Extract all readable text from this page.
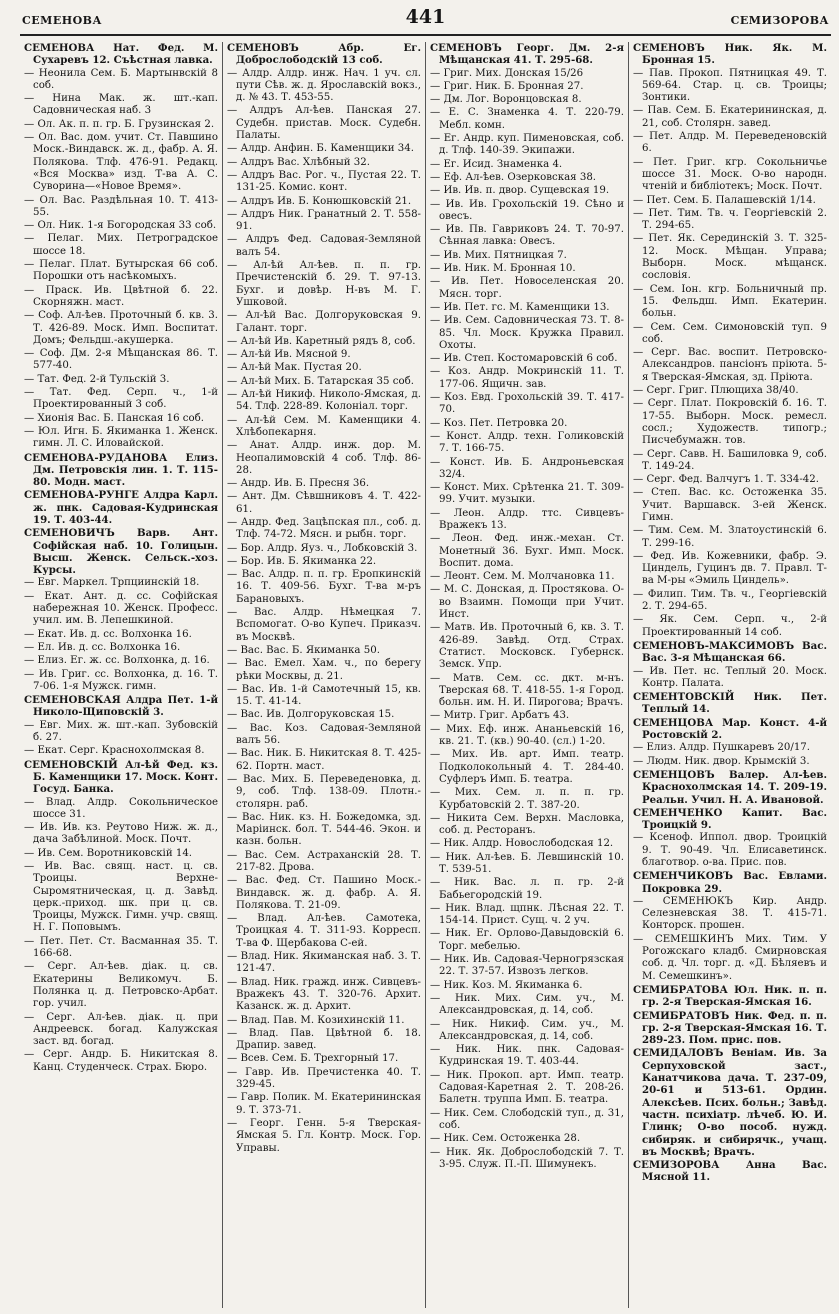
СЕМЕНОВА	441	СЕМИЗОРОВА
СЕМЕНОВА Нат. Фед. М. Сухаревъ 12. Съѣстная лавка.
— Неонила Сем. Б. Мартынвскій 8 соб.
— Нина Мак. ж. шт.-кап. Садовническая наб. 3
— Ол. Ак. п. п. гр. Б. Грузинская 2.
— Ол. Вас. дом. учит. Ст. Павшино Моск.-Виндавск. ж. д., фабр. А. Я. Полякова. Тлф. 476-91. Редакц. «Вся Москва» изд. Т-ва А. С. Суворина—«Новое Время».
— Ол. Вас. Раздѣльная 10. Т. 413-55.
— Ол. Ник. 1-я Богородская 33 соб.
— Пелаг. Мих. Петроградское шоссе 18.
— Пелаг. Плат. Бутырская 66 соб. Порошки отъ насѣкомыхъ.
— Праск. Ив. Цвѣтной б. 22. Скорняжн. маст.
— Соф. Ал-ѣев. Проточный б. кв. 3. Т. 426-89. Моск. Имп. Воспитат. Домъ; Фельдш.-акушерка.
— Соф. Дм. 2-я Мѣщанская 86. Т. 577-40.
— Тат. Фед. 2-й Тульскій 3.
— Тат. Фед. Серп. ч., 1-й Проектированный 3 соб.
— Хионія Вас. Б. Панская 16 соб.
— Юл. Игн. Б. Якиманка 1. Женск. гимн. Л. С. Иловайской.
СЕМЕНОВА-РУДАНОВА Елиз. Дм. Петровскія лин. 1. Т. 115-80. Модн. маст.
СЕМЕНОВА-РУНГЕ Алдра Карл. ж. пнк. Садовая-Кудринская 19. Т. 403-44.
СЕМЕНОВИЧЪ Варв. Ант. Софійская наб. 10. Голицын. Высш. Женск. Сельск.-хоз. Курсы.
— Евг. Маркел. Трпциинскій 18.
— Екат. Ант. д. сс. Софійская набережная 10. Женск. Професс. учил. им. В. Лепешкиной.
— Екат. Ив. д. сс. Волхонка 16.
— Ел. Ив. д. сс. Волхонка 16.
— Елиз. Ег. ж. сс. Волхонка, д. 16.
— Ив. Григ. сс. Волхонка, д. 16. Т. 7-06. 1-я Мужск. гимн.
СЕМЕНОВСКАЯ Алдра Пет. 1-й Николо-Щиповскій 3.
— Евг. Мих. ж. шт.-кап. Зубовскій б. 27.
— Екат. Серг. Краснохолмская 8.
СЕМЕНОВСКІЙ Ал-ѣй Фед. кз. Б. Каменщики 17. Моск. Конт. Госуд. Банка.
— Влад. Алдр. Сокольническое шоссе 31.
— Ив. Ив. кз. Реутово Ниж. ж. д., дача Забѣлиной. Моск. Почт.
— Ив. Сем. Воротниковскій 14.
— Ив. Вас. свящ. наст. ц. св. Троицы. Верхне-Сыромятническая, ц. д. Завѣд. церк.-приход. шк. при ц. св. Троицы, Мужск. Гимн. учр. свящ. Н. Г. Поповымъ.
— Пет. Пет. Ст. Васманная 35. Т. 166-68.
— Серг. Ал-ѣев. діак. ц. св. Екатерины Великомуч. Б. Полянка ц. д. Петровско-Арбат. гор. учил.
— Серг. Ал-ѣев. діак. ц. при Андреевск. богад. Калужская заст. вд. богад.
— Серг. Андр. Б. Никитская 8. Канц. Студенческ. Страх. Бюро.
СЕМЕНОВЪ Абр. Ег. Доброслободскій 13 соб.
— Алдр. Алдр. инж. Нач. 1 уч. сл. пути Сѣв. ж. д. Ярославскій вокз., д. № 43. Т. 453-55.
— Алдръ Ал-ѣев. Панская 27. Судебн. пристав. Моск. Судебн. Палаты.
— Алдр. Анфин. Б. Каменщики 34.
— Алдръ Вас. Хлѣбный 32.
— Алдръ Вас. Рог. ч., Пустая 22. Т. 131-25. Комис. конт.
— Алдръ Ив. Б. Конюшковскій 21.
— Алдръ Ник. Гранатный 2. Т. 558-91.
— Алдръ Фед. Садовая-Земляной валъ 54.
— Ал-ѣй Ал-ѣев. п. п. гр. Пречистенскій б. 29. Т. 97-13. Бухг. и довѣр. Н-въ М. Г. Ушковой.
— Ал-ѣй Вас. Долгоруковская 9. Галант. торг.
— Ал-ѣй Ив. Каретный рядъ 8, соб.
— Ал-ѣй Ив. Мясной 9.
— Ал-ѣй Мак. Пустая 20.
— Ал-ѣй Мих. Б. Татарская 35 соб.
— Ал-ѣй Никиф. Николо-Ямская, д. 54. Тлф. 228-89. Колоніал. торг.
— Ал-ѣй Сем. М. Каменщики 4. Хлѣбопекарня.
— Анат. Алдр. инж. дор. М. Неопалимовскій 4 соб. Тлф. 86-28.
— Андр. Ив. Б. Пресня 36.
— Ант. Дм. Сѣвшниковъ 4. Т. 422-61.
— Андр. Фед. Зацѣпская пл., соб. д. Тлф. 74-72. Мясн. и рыбн. торг.
— Бор. Алдр. Яуз. ч., Лобковскій 3.
— Бор. Ив. Б. Якиманка 22.
— Вас. Алдр. п. п. гр. Еропкинскій 16. Т. 409-56. Бухг. Т-ва м-ръ Барановыхъ.
— Вас. Алдр. Нѣмецкая 7. Вспомогат. О-во Купеч. Приказч. въ Москвѣ.
— Вас. Вас. Б. Якиманка 50.
— Вас. Емел. Хам. ч., по берегу рѣки Москвы, д. 21.
— Вас. Ив. 1-й Самотечный 15, кв. 15. Т. 41-14.
— Вас. Ив. Долгоруковская 15.
— Вас. Коз. Садовая-Земляной валъ 56.
— Вас. Ник. Б. Никитская 8. Т. 425-62. Портн. маст.
— Вас. Мих. Б. Переведеновка, д. 9, соб. Тлф. 138-09. Плотн.-столярн. раб.
— Вас. Ник. кз. Н. Божедомка, зд. Маріинск. бол. Т. 544-46. Экон. и казн. больн.
— Вас. Сем. Астраханскій 28. Т. 217-82. Дрова.
— Вас. Фед. Ст. Пашино Моск.-Виндавск. ж. д. фабр. А. Я. Полякова. Т. 21-09.
— Влад. Ал-ѣев. Самотека, Троицкая 4. Т. 311-93. Корресп. Т-ва Ф. Щербакова С-ей.
— Влад. Ник. Якиманская наб. 3. Т. 121-47.
— Влад. Ник. гражд. инж. Сивцевъ-Вражекъ 43. Т. 320-76. Архит. Казанск. ж. д. Архит.
— Влад. Пав. М. Козихинскій 11.
— Влад. Пав. Цвѣтной б. 18. Драпир. завед.
— Всев. Сем. Б. Трехгорный 17.
— Гавр. Ив. Пречистенка 40. Т. 329-45.
— Гавр. Полик. М. Екатерининская 9. Т. 373-71.
— Георг. Генн. 5-я Тверская-Ямская 5. Гл. Контр. Моск. Гор. Управы.
СЕМЕНОВЪ Георг. Дм. 2-я Мѣщанская 41. Т. 295-68.
— Григ. Мих. Донская 15/26
— Григ. Ник. Б. Бронная 27.
— Дм. Лог. Воронцовская 8.
— Е. С. Знаменка 4. Т. 220-79. Мебл. комн.
— Ег. Андр. куп. Пименовская, соб. д. Тлф. 140-39. Экипажи.
— Ег. Исид. Знаменка 4.
— Еф. Ал-ѣев. Озерковская 38.
— Ив. Ив. п. двор. Сущевская 19.
— Ив. Ив. Грохольскій 19. Сѣно и овесъ.
— Ив. Пв. Гавриковъ 24. Т. 70-97. Сѣнная лавка: Овесъ.
— Ив. Мих. Пятницкая 7.
— Ив. Ник. М. Бронная 10.
— Ив. Пет. Новоселенская 20. Мясн. торг.
— Ив. Пет. гс. М. Каменщики 13.
— Ив. Сем. Садовническая 73. Т. 8-85. Чл. Моск. Кружка Правил. Охоты.
— Ив. Степ. Костомаровскій 6 соб.
— Коз. Андр. Мокринскій 11. Т. 177-06. Ящичн. зав.
— Коз. Евд. Грохольскій 39. Т. 417-70.
— Коз. Пет. Петровка 20.
— Конст. Алдр. техн. Голиковскій 7. Т. 166-75.
— Конст. Ив. Б. Андроньевская 32/4.
— Конст. Мих. Срѣтенка 21. Т. 309-99. Учит. музыки.
— Леон. Алдр. ттс. Сивцевъ-Вражекъ 13.
— Леон. Фед. инж.-механ. Ст. Монетный 36. Бухг. Имп. Моск. Воспит. дома.
— Леонт. Сем. М. Молчановка 11.
— М. С. Донская, д. Простякова. О-во Взаимн. Помощи при Учит. Инст.
— Матв. Ив. Проточный 6, кв. 3. Т. 426-89. Завѣд. Отд. Страх. Статист. Московск. Губернск. Земск. Упр.
— Матв. Сем. сс. дкт. м-нъ. Тверская 68. Т. 418-55. 1-я Город. больн. им. Н. И. Пирогова; Врачъ.
— Митр. Григ. Арбатъ 43.
— Мих. Еф. инж. Ананьевскій 16, кв. 21. Т. (кв.) 90-40. (сл.) 1-20.
— Мих. Ив. арт. Имп. театр. Подколокольный 4. Т. 284-40. Суфлеръ Имп. Б. театра.
— Мих. Сем. л. п. п. гр. Курбатовскій 2. Т. 387-20.
— Никита Сем. Верхн. Масловка, соб. д. Ресторанъ.
— Ник. Алдр. Новослободская 12.
— Ник. Ал-ѣев. Б. Левшинскій 10. Т. 539-51.
— Ник. Вас. л. п. гр. 2-й Бабьегородскій 19.
— Ник. Влад. щпнк. Лѣсная 22. Т. 154-14. Прист. Сущ. ч. 2 уч.
— Ник. Ег. Орлово-Давыдовскій 6. Торг. мебелью.
— Ник. Ив. Садовая-Черногрязская 22. Т. 37-57. Извозъ легков.
— Ник. Коз. М. Якиманка 6.
— Ник. Мих. Сим. уч., М. Александровская, д. 14, соб.
— Ник. Никиф. Сим. уч., М. Александровская, д. 14, соб.
— Ник. Ник. пнк. Садовая-Кудринская 19. Т. 403-44.
— Ник. Прокоп. арт. Имп. театр. Садовая-Каретная 2. Т. 208-26. Балетн. труппа Имп. Б. театра.
— Ник. Сем. Слободскій туп., д. 31, соб.
— Ник. Сем. Остоженка 28.
— Ник. Як. Доброслободскій 7. Т. 3-95. Служ. П.-П. Шимунекъ.
СЕМЕНОВЪ Ник. Як. М. Бронная 15.
— Пав. Прокоп. Пятницкая 49. Т. 569-64. Стар. ц. св. Троицы; Зонтики.
— Пав. Сем. Б. Екатерининская, д. 21, соб. Столярн. завед.
— Пет. Алдр. М. Переведеновскій 6.
— Пет. Григ. кгр. Сокольничье шоссе 31. Моск. О-во народн. чтеній и библіотекъ; Моск. Почт.
— Пет. Сем. Б. Палашевскій 1/14.
— Пет. Тим. Тв. ч. Георгіевскій 2. Т. 294-65.
— Пет. Як. Серединскій 3. Т. 325-12. Моск. Мѣщан. Управа; Выборн. Моск. мѣщанск. сословія.
— Сем. Іон. кгр. Больничный пр. 15. Фельдш. Имп. Екатерин. больн.
— Сем. Сем. Симоновскій туп. 9 соб.
— Серг. Вас. воспит. Петровско-Александров. пансіонъ пріюта. 5-я Тверская-Ямская, зд. Пріюта.
— Серг. Григ. Плющиха 38/40.
— Серг. Плат. Покровскій б. 16. Т. 17-55. Выборн. Моск. ремесл. сосл.; Художеств. типогр.; Писчебумажн. тов.
— Серг. Савв. Н. Башиловка 9, соб. Т. 149-24.
— Серг. Фед. Валчугъ 1. Т. 334-42.
— Степ. Вас. кс. Остоженка 35. Учит. Варшавск. 3-ей Женск. Гимн.
— Тим. Сем. М. Златоустинскій 6. Т. 299-16.
— Фед. Ив. Кожевники, фабр. Э. Циндель, Гуцинъ дв. 7. Правл. Т-ва М-ры «Эмиль Циндель».
— Филип. Тим. Тв. ч., Георгіевскій 2. Т. 294-65.
— Як. Сем. Серп. ч., 2-й Проектированный 14 соб.
СЕМЕНОВЪ-МАКСИМОВЪ Вас. Вас. 3-я Мѣщанская 66.
— Ив. Пет. нс. Теплый 20. Моск. Контр. Палата.
СЕМЕНТОВСКІЙ Ник. Пет. Теплый 14.
СЕМЕНЦОВА Мар. Конст. 4-й Ростовскій 2.
— Елиз. Алдр. Пушкаревъ 20/17.
— Людм. Ник. двор. Крымскій 3.
СЕМЕНЦОВЪ Валер. Ал-ѣев. Краснохолмская 14. Т. 209-19. Реальн. Учил. Н. А. Ивановой.
СЕМЕНЧЕНКО Капит. Вас. Троицкій 9.
— Ксеноф. Иппол. двор. Троицкій 9. Т. 90-49. Чл. Елисаветинск. благотвор. о-ва. Прис. пов.
СЕМЕНЧИКОВЪ Вас. Евлами. Покровка 29.
— СЕМЕНЮКЪ Кир. Андр. Селезневская 38. Т. 415-71. Конторск. прошен.
— СЕМЕШКИНЪ Мих. Тим. У Рогожскаго кладб. Смирновская соб. д. Чл. торг. д. «Д. Бѣляевъ и М. Семешкинъ».
СЕМИБРАТОВА Юл. Ник. п. п. гр. 2-я Тверская-Ямская 16.
СЕМИБРАТОВЪ Ник. Фед. п. п. гр. 2-я Тверская-Ямская 16. Т. 289-23. Пом. прис. пов.
СЕМИДАЛОВЪ Веніам. Ив. За Серпуховской заст., Канатчикова дача. Т. 237-09, 20-61 и 513-61. Ордин. Алексѣев. Псих. больн.; Завѣд. частн. психіатр. лѣчеб. Ю. И. Глинк; О-во пособ. нужд. сибиряк. и сибирячк., учащ. въ Москвѣ; Врачъ.
СЕМИЗОРОВА Анна Вас. Мясной 11.
